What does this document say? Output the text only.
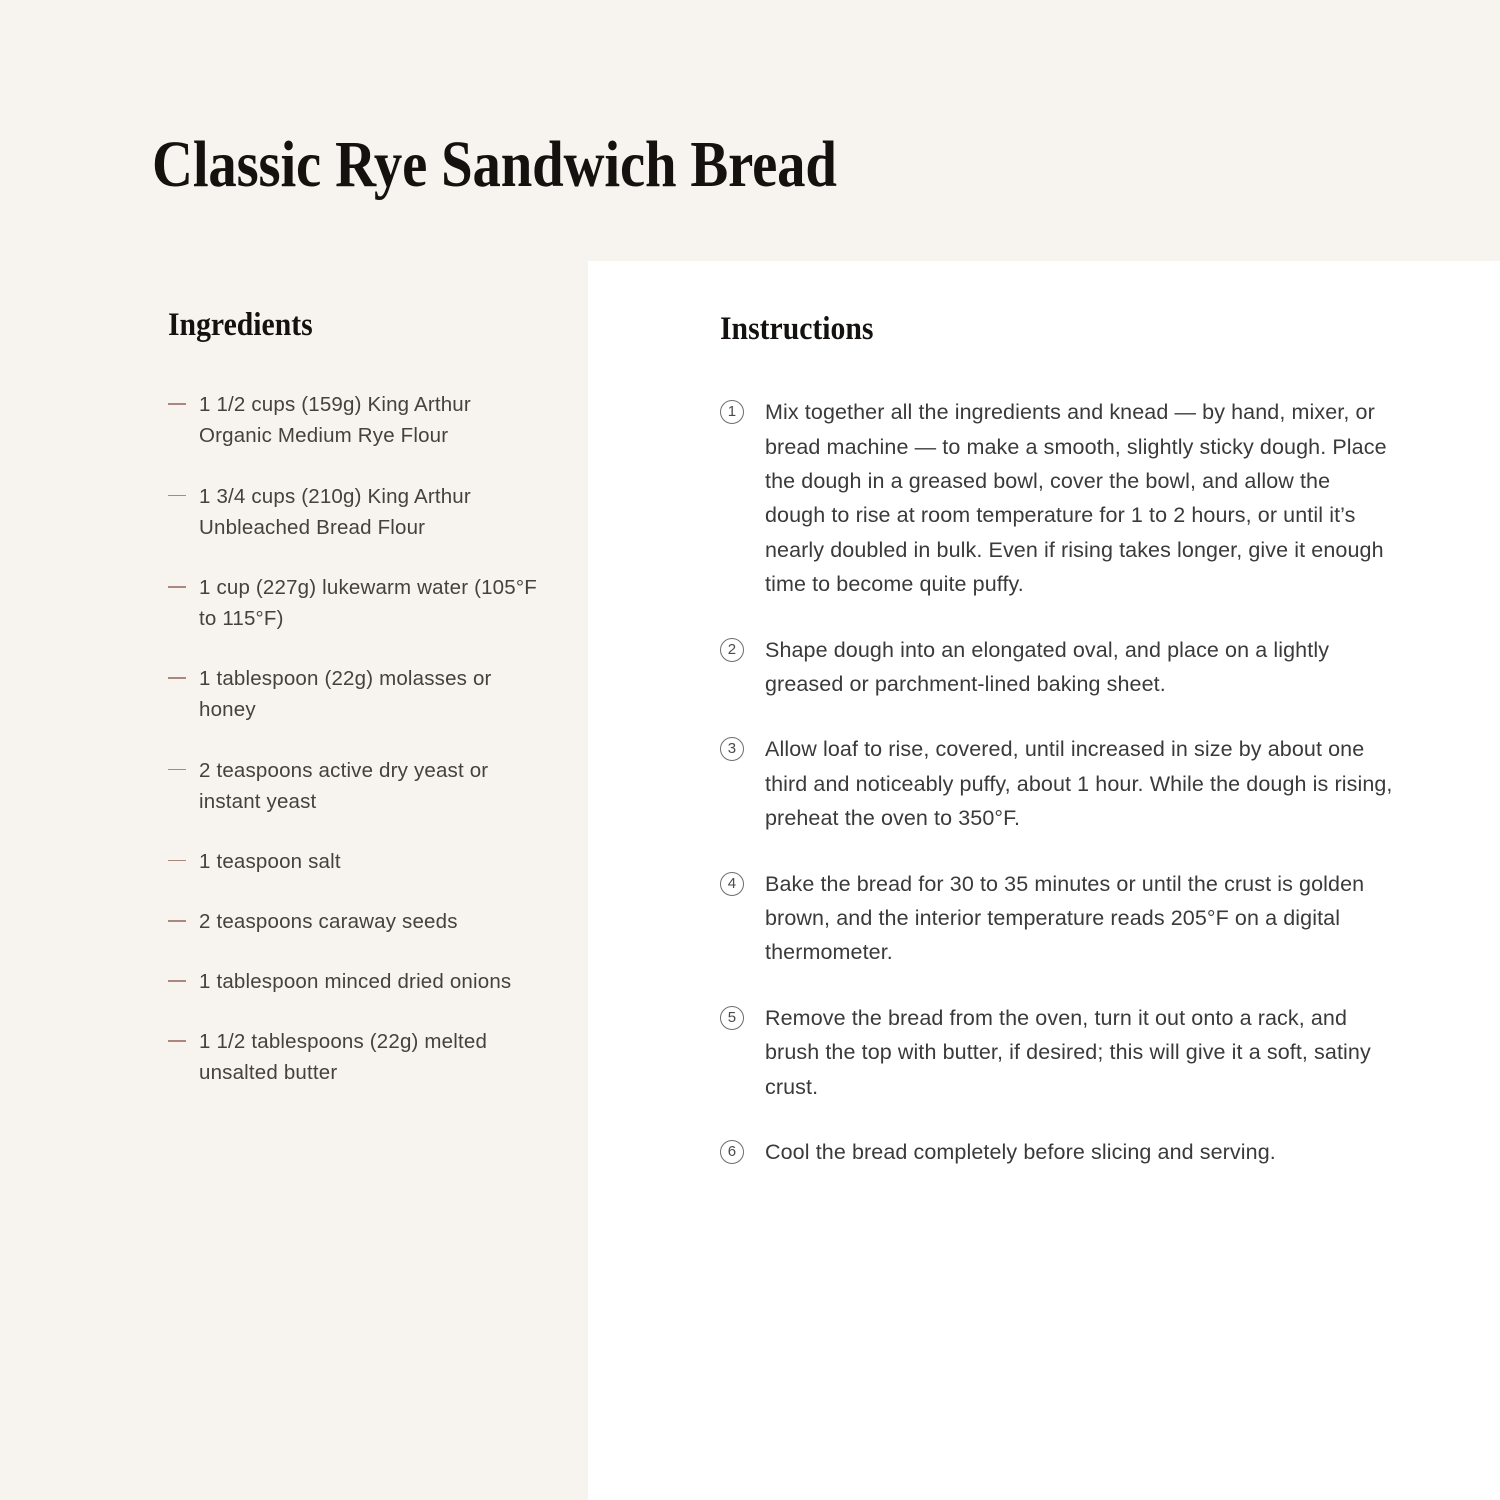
Classic Rye Sandwich Bread
Ingredients
1 1/2 cups (159g) King Arthur Organic Medium Rye Flour
1 3/4 cups (210g) King Arthur Unbleached Bread Flour
1 cup (227g) lukewarm water (105°F to 115°F)
1 tablespoon (22g) molasses or honey
2 teaspoons active dry yeast or instant yeast
1 teaspoon salt
2 teaspoons caraway seeds
1 tablespoon minced dried onions
1 1/2 tablespoons (22g) melted unsalted butter
Instructions
1	Mix together all the ingredients and knead — by hand, mixer, or bread machine — to make a smooth, slightly sticky dough. Place the dough in a greased bowl, cover the bowl, and allow the dough to rise at room temperature for 1 to 2 hours, or until it’s nearly doubled in bulk. Even if rising takes longer, give it enough time to become quite puffy.
2	Shape dough into an elongated oval, and place on a lightly greased or parchment-lined baking sheet.
3	Allow loaf to rise, covered, until increased in size by about one third and noticeably puffy, about 1 hour. While the dough is rising, preheat the oven to 350°F.
4	Bake the bread for 30 to 35 minutes or until the crust is golden brown, and the interior temperature reads 205°F on a digital thermometer.
5	Remove the bread from the oven, turn it out onto a rack, and brush the top with butter, if desired; this will give it a soft, satiny crust.
6	Cool the bread completely before slicing and serving.
